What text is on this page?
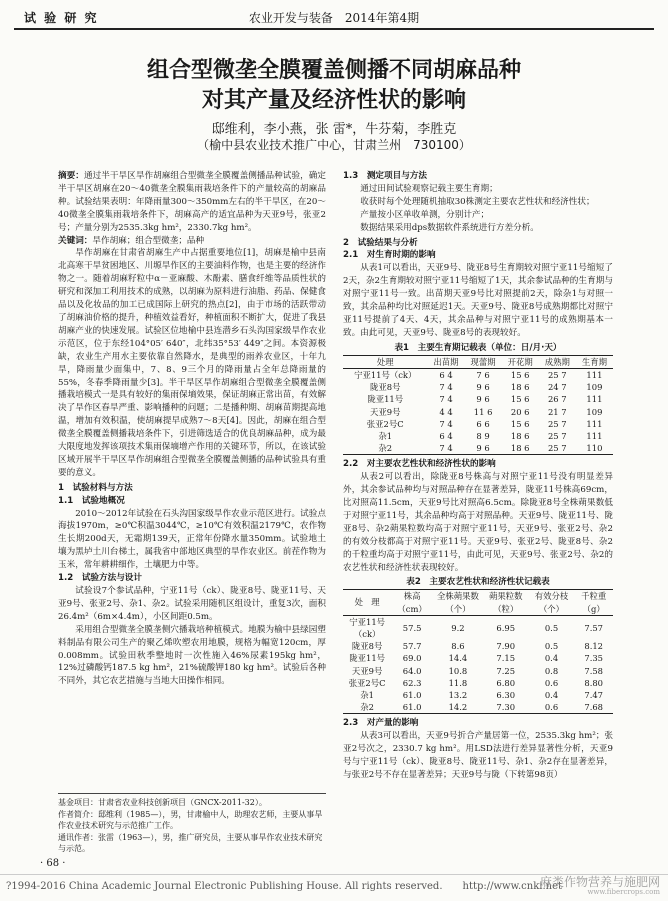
试 验 研 究	农业开发与装备　2014年第4期
组合型微垄全膜覆盖侧播不同胡麻品种
对其产量及经济性状的影响
邸维利，李小燕，张 雷*，牛芬菊，李胜克
（榆中县农业技术推广中心，甘肃兰州　730100）

摘要：通过半干旱区旱作胡麻组合型微垄全膜覆盖侧播品种试验，确定半干旱区胡麻在20～40微垄全膜集雨栽培条件下的产量较高的胡麻品种。试验结果表明：年降雨量300～350mm左右的半干旱区，在20～40微垄全膜集雨栽培条件下，胡麻高产的适宜品种为天亚9号，张亚2号；产量分别为2535.3kg hm²，2330.7kg hm²。

关键词：旱作胡麻；组合型微垄；品种

旱作胡麻在甘肃省胡麻生产中占据重要地位[1]，胡麻是榆中县南北高寒干旱贫困地区、川塬旱作区的主要油料作物，也是主要的经济作物之一。随着胡麻籽粒中α－亚麻酸、木酚素、膳食纤维等品质性状的研究和深加工利用技术的成熟，以胡麻为原料进行油脂、药品、保健食品以及化妆品的加工已成国际上研究的热点[2]，由于市场的活跃带动了胡麻油价格的提升，种植效益看好，种植面积不断扩大，促进了我县胡麻产业的快速发展。试验区位地榆中县连潜乡石头沟国家级旱作农业示范区，位于东经104°05′ 640″，北纬35°53′ 449″之间。本资源极缺，农业生产用水主要依靠自然降水，是典型的雨养农业区，十年九旱，降雨量少面集中，7、8、9三个月的降雨量占全年总降雨量的55%，冬春季降雨量少[3]。半干旱区旱作胡麻组合型微垄全膜覆盖侧播栽培模式一是具有较好的集雨保墒效果，保证胡麻正常出苗，有效解决了旱作区春旱严重、影响播种的问题；二是播种期、胡麻苗期提高地温，增加有效积温，使胡麻提早成熟7～8天[4]。因此，胡麻在组合型微垄全膜覆盖侧播栽培条件下，引进筛选适合的优良胡麻品种，成为最大限度地发挥该项技术集雨保墒增产作用的关键环节，所以，在该试验区域开展半干旱区旱作胡麻组合型微垄全膜覆盖侧播的品种试验具有重要的意义。

1　试验材料与方法

1.1　试验地概况

2010～2012年试验在石头沟国家级旱作农业示范区进行。试验点海拔1970m，≥0℃积温3044℃，≥10℃有效积温2179℃，农作物生长期200d天，无霜期139天，正常年份降水量350mm。试验地土壤为黑垆土川台梯土，属我省中部地区典型的旱作农业区。前茬作物为玉米，常年耕耕细作，土壤肥力中等。

1.2　试验方法与设计

试验设7个参试品种，宁亚11号（ck）、陇亚8号、陇亚11号、天亚9号、张亚2号、杂1、杂2。试验采用随机区组设计，重复3次，面积26.4m²（6m×4.4m），小区间距0.5m。

采用组合型微垄全膜垄侧穴播栽培种植模式。地膜为榆中县绿园塑料制品有限公司生产的聚乙烯吹塑农用地膜，规格为幅宽120cm，厚0.008mm。试验田秋季整地时一次性施入46%尿素195kg hm²，12%过磷酸钙187.5 kg hm²，21%硫酸钾180 kg hm²。试验后各种不同外，其它农艺措施与当地大田操作相同。

基金项目：甘肃省农业科技创新项目（GNCX-2011-32）。

作者简介：邸维利（1985—），男，甘肃榆中人，助理农艺师，主要从事旱作农业技术研究与示范推广工作。

通讯作者：张雷（1963—），男，推广研究员，主要从事旱作农业技术研究与示范。

1.3　测定项目与方法

通过田间试验观察记载主要生育期；

收获时每个处理随机抽取30株测定主要农艺性状和经济性状；

产量按小区单收单测，分别计产；

数据结果采用dps数据软件系统进行方差分析。

2　试验结果与分析

2.1　对生育时期的影响

从表1可以看出，天亚9号、陇亚8号生育期较对照宁亚11号缩短了2天，杂2生育期较对照宁亚11号缩短了1天，其余参试品种的生育期与对照宁亚11号一致。出苗期天亚9号比对照提前2天，除杂1与对照一致，其余品种均比对照延迟1天。天亚9号、陇亚8号成熟期都比对照宁亚11号提前了4天、4天，其余品种与对照宁亚11号的成熟期基本一致。由此可见，天亚9号、陇亚8号的表现较好。

表1　主要生育期记载表（单位：日/月·天）

处理	出苗期	现蕾期	开花期	成熟期	生育期
宁亚11号（ck）	6 4	7 6	15 6	25 7	111
陇亚8号	7 4	9 6	18 6	24 7	109
陇亚11号	7 4	9 6	15 6	26 7	111
天亚9号	4 4	11 6	20 6	21 7	109
张亚2号C	7 4	6 6	15 6	25 7	111
杂1	6 4	8 9	18 6	25 7	111
杂2	7 4	9 6	18 6	25 7	110

2.2　对主要农艺性状和经济性状的影响

从表2可以看出，除陇亚8号株高与对照宁亚11号没有明显差异外，其余参试品种均与对照品种存在显著差异，陇亚11号株高69cm，比对照高11.5cm，天亚9号比对照高6.5cm。除陇亚8号全株蒴果数低于对照宁亚11号，其余品种均高于对照品种。天亚9号、陇亚11号、陇亚8号、杂2蒴果粒数均高于对照宁亚11号，天亚9号、张亚2号、杂2的有效分枝都高于对照宁亚11号。天亚9号、张亚2号、陇亚8号、杂2的千粒重均高于对照宁亚11号，由此可见，天亚9号、张亚2号、杂2的农艺性状和经济性状表现较好。

表2　主要农艺性状和经济性状记载表

处　理	株高（cm）	全株蒴果数（个）	蒴果粒数（粒）	有效分枝（个）	千粒重（g）
宁亚11号（ck）	57.5	9.2	6.95	0.5	7.57
陇亚8号	57.7	8.6	7.90	0.5	8.12
陇亚11号	69.0	14.4	7.15	0.4	7.35
天亚9号	64.0	10.8	7.25	0.8	7.58
张亚2号C	62.3	11.8	6.80	0.6	8.80
杂1	61.0	13.2	6.30	0.4	7.47
杂2	61.0	14.2	7.30	0.6	7.68

2.3　对产量的影响

从表3可以看出，天亚9号折合产量居第一位，2535.3kg hm²；张亚2号次之，2330.7 kg hm²。用LSD法进行差异显著性分析，天亚9号与宁亚11号（ck）、陇亚8号、陇亚11号、杂1、杂2存在显著差异，与张亚2号不存在显著差异；天亚9号与陇（下转第98页）

· 68 ·
?1994-2016 China Academic Journal Electronic Publishing House. All rights reserved.　　http://www.cnki.net
麻类作物营养与施肥网
www.fibercrops.com
